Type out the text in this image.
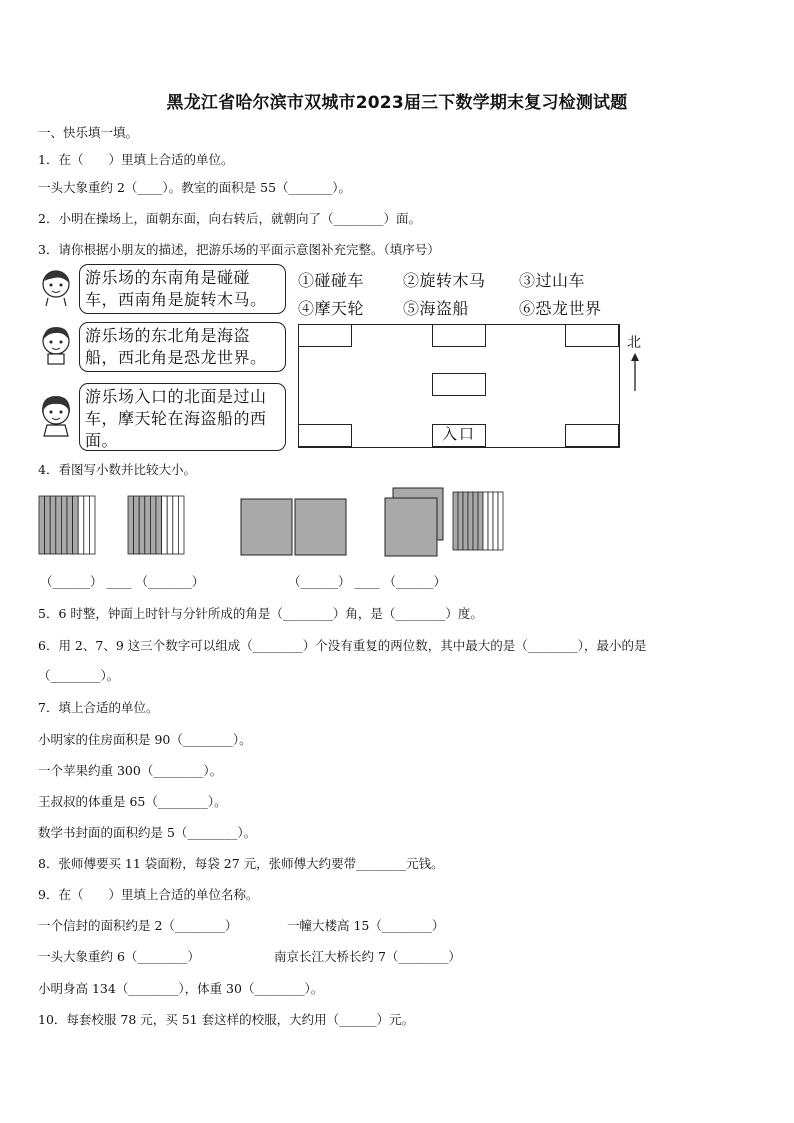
黑龙江省哈尔滨市双城市2023届三下数学期末复习检测试题
一、快乐填一填。
1．在（　　）里填上合适的单位。
一头大象重约 2（____）。教室的面积是 55（_______）。
2．小明在操场上，面朝东面，向右转后，就朝向了（________）面。
3．请你根据小朋友的描述，把游乐场的平面示意图补充完整。（填序号）
游乐场的东南角是碰碰车，西南角是旋转木马。
游乐场的东北角是海盗船，西北角是恐龙世界。
游乐场入口的北面是过山车，摩天轮在海盗船的西面。
①碰碰车 ②旋转木马 ③过山车
④摩天轮 ⑤海盗船	⑥恐龙世界
入口
北
4．看图写小数并比较大小。
（______） ____ （_______）	（______） ____ （______）
5．6 时整，钟面上时针与分针所成的角是（________）角，是（________）度。
6．用 2、7、9 这三个数字可以组成（________）个没有重复的两位数，其中最大的是（________），最小的是
（________）。
7．填上合适的单位。
小明家的住房面积是 90（________）。
一个苹果约重 300（________）。
王叔叔的体重是 65（________）。
数学书封面的面积约是 5（________）。
8．张师傅要买 11 袋面粉，每袋 27 元，张师傅大约要带________元钱。
9．在（　　）里填上合适的单位名称。
一个信封的面积约是 2（________）	一幢大楼高 15（________）
一头大象重约 6（________）	南京长江大桥长约 7（________）
小明身高 134（________），体重 30（________）。
10．每套校服 78 元，买 51 套这样的校服，大约用（______）元。
